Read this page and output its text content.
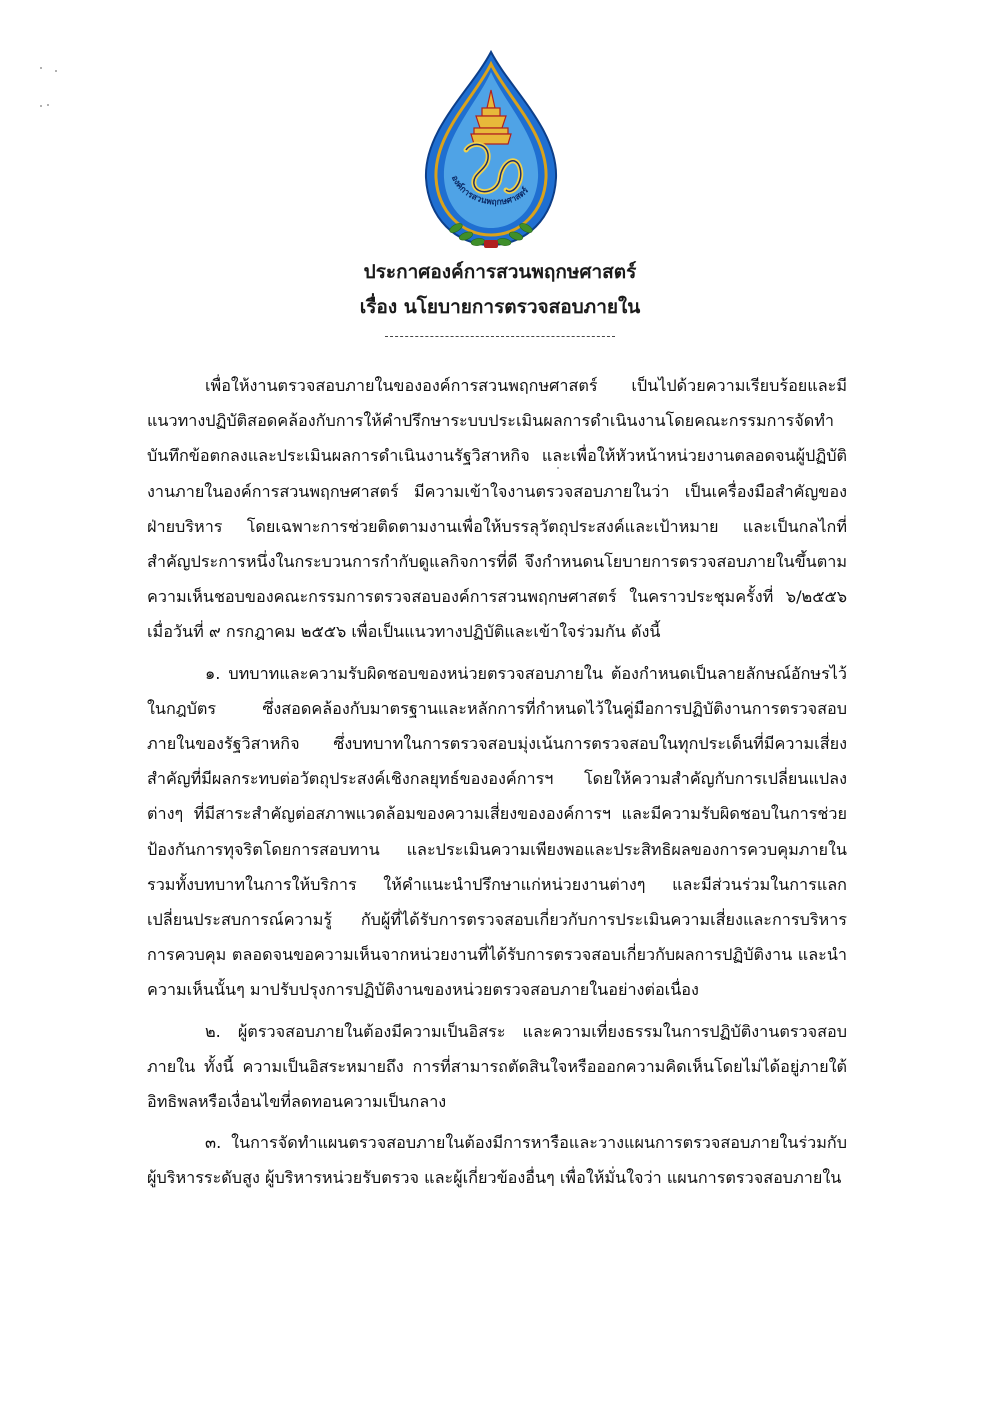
องค์การสวนพฤกษศาสตร์
ประกาศองค์การสวนพฤกษศาสตร์
เรื่อง นโยบายการตรวจสอบภายใน

เพื่อให้งานตรวจสอบภายในขององค์การสวนพฤกษศาสตร์ เป็นไปด้วยความเรียบร้อยและมีแนวทางปฏิบัติสอดคล้องกับการให้คำปรึกษาระบบประเมินผลการดำเนินงานโดยคณะกรรมการจัดทำบันทึกข้อตกลงและประเมินผลการดำเนินงานรัฐวิสาหกิจ และเพื่อให้หัวหน้าหน่วยงานตลอดจนผู้ปฏิบัติงานภายในองค์การสวนพฤกษศาสตร์ มีความเข้าใจงานตรวจสอบภายในว่า เป็นเครื่องมือสำคัญของฝ่ายบริหาร โดยเฉพาะการช่วยติดตามงานเพื่อให้บรรลุวัตถุประสงค์และเป้าหมาย และเป็นกลไกที่สำคัญประการหนึ่งในกระบวนการกำกับดูแลกิจการที่ดี จึงกำหนดนโยบายการตรวจสอบภายในขึ้นตามความเห็นชอบของคณะกรรมการตรวจสอบองค์การสวนพฤกษศาสตร์ ในคราวประชุมครั้งที่ ๖/๒๕๕๖ เมื่อวันที่ ๙ กรกฎาคม ๒๕๕๖ เพื่อเป็นแนวทางปฏิบัติและเข้าใจร่วมกัน ดังนี้

๑. บทบาทและความรับผิดชอบของหน่วยตรวจสอบภายใน ต้องกำหนดเป็นลายลักษณ์อักษรไว้ในกฎบัตร ซึ่งสอดคล้องกับมาตรฐานและหลักการที่กำหนดไว้ในคู่มือการปฏิบัติงานการตรวจสอบภายในของรัฐวิสาหกิจ ซึ่งบทบาทในการตรวจสอบมุ่งเน้นการตรวจสอบในทุกประเด็นที่มีความเสี่ยงสำคัญที่มีผลกระทบต่อวัตถุประสงค์เชิงกลยุทธ์ขององค์การฯ โดยให้ความสำคัญกับการเปลี่ยนแปลงต่างๆ ที่มีสาระสำคัญต่อสภาพแวดล้อมของความเสี่ยงขององค์การฯ และมีความรับผิดชอบในการช่วยป้องกันการทุจริตโดยการสอบทาน และประเมินความเพียงพอและประสิทธิผลของการควบคุมภายใน รวมทั้งบทบาทในการให้บริการ ให้คำแนะนำปรึกษาแก่หน่วยงานต่างๆ และมีส่วนร่วมในการแลกเปลี่ยนประสบการณ์ความรู้ กับผู้ที่ได้รับการตรวจสอบเกี่ยวกับการประเมินความเสี่ยงและการบริหารการควบคุม ตลอดจนขอความเห็นจากหน่วยงานที่ได้รับการตรวจสอบเกี่ยวกับผลการปฏิบัติงาน และนำความเห็นนั้นๆ มาปรับปรุงการปฏิบัติงานของหน่วยตรวจสอบภายในอย่างต่อเนื่อง

๒. ผู้ตรวจสอบภายในต้องมีความเป็นอิสระ และความเที่ยงธรรมในการปฏิบัติงานตรวจสอบภายใน ทั้งนี้ ความเป็นอิสระหมายถึง การที่สามารถตัดสินใจหรือออกความคิดเห็นโดยไม่ได้อยู่ภายใต้อิทธิพลหรือเงื่อนไขที่ลดทอนความเป็นกลาง

๓. ในการจัดทำแผนตรวจสอบภายในต้องมีการหารือและวางแผนการตรวจสอบภายในร่วมกับผู้บริหารระดับสูง ผู้บริหารหน่วยรับตรวจ และผู้เกี่ยวข้องอื่นๆ เพื่อให้มั่นใจว่า แผนการตรวจสอบภายใน
